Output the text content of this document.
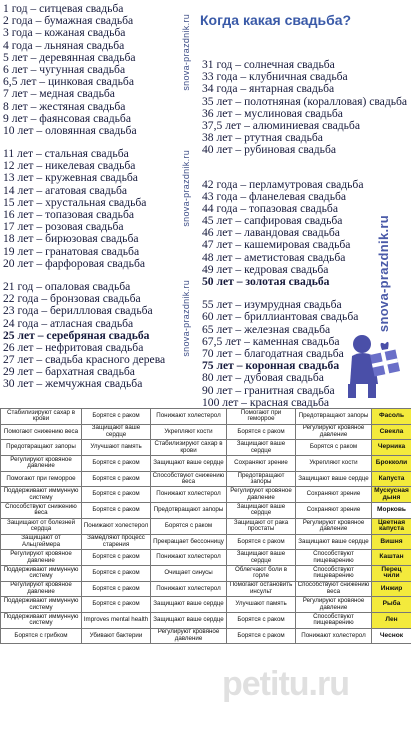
1 год – ситцевая свадьба
2 года – бумажная свадьба
3 года – кожаная свадьба
4 года – льняная свадьба
5 лет – деревянная свадьба
6 лет – чугунная свадьба
6,5 лет – цинковая свадьба
7 лет – медная свадьба
8 лет – жестяная свадьба
9 лет – фаянсовая свадьба
10 лет – оловянная свадьба
11 лет – стальная свадьба
12 лет – никелевая свадьба
13 лет – кружевная свадьба
14 лет – агатовая свадьба
15 лет – хрустальная свадьба
16 лет – топазовая свадьба
17 лет – розовая свадьба
18 лет – бирюзовая свадьба
19 лет – гранатовая свадьба
20 лет – фарфоровая свадьба
21 год – опаловая свадьба
22 года – бронзовая свадьба
23 года – бериллловая свадьба
24 года – атласная свадьба
25 лет – серебряная свадьба
26 лет – нефритовая свадьба
27 лет – свадьба красного дерева
29 лет – бархатная свадьба
30 лет – жемчужная свадьба
Когда какая свадьба?
31 год – солнечная свадьба
33 года – клубничная свадьба
34 года – янтарная свадьба
35 лет – полотняная (коралловая) свадьба
36 лет – муслиновая свадьба
37,5 лет – алюминиевая свадьба
38 лет – ртутная свадьба
40 лет – рубиновая свадьба
42 года – перламутровая свадьба
43 года – фланелевая свадьба
44 года – топазовая свадьба
45 лет – сапфировая свадьба
46 лет – лавандовая свадьба
47 лет – кашемировая свадьба
48 лет – аметистовая свадьба
49 лет – кедровая свадьба
50 лет – золотая свадьба
55 лет – изумрудная свадьба
60 лет – бриллиантовая свадьба
65 лет – железная свадьба
67,5 лет – каменная свадьба
70 лет – благодатная свадьба
75 лет – коронная свадьба
80 лет – дубовая свадьба
90 лет – гранитная свадьба
100 лет – красная свадьба
snova-prazdnik.ru
snova-prazdnik.ru
snova-prazdnik.ru	snova-prazdnik.ru
Стабилизируют сахар в крови	Борятся с раком	Понижают холестерол	Помогают при геморрое	Предотвращают запоры	Фасоль
Помогают снижению веса	Защищают ваше сердце	Укрепляют кости	Борятся с раком	Регулируют кровяное давление	Свекла
Предотвращают запоры	Улучшают память	Стабилизируют сахар в крови	Защищают ваше сердце	Борятся с раком	Черника
Регулируют кровяное давление	Борятся с раком	Защищают ваше сердце	Сохраняют зрение	Укрепляют кости	Брокколи
Помогают при геморрое	Борятся с раком	Способствуют снижению веса	Предотвращают запоры	Защищают ваше сердце	Капуста
Поддерживают иммунную систему	Борятся с раком	Понижают холестерол	Регулируют кровяное давление	Сохраняют зрение	Мускусная дыня
Способствуют снижению веса	Борятся с раком	Предотвращают запоры	Защищают ваше сердце	Сохраняют зрение	Морковь
Защищают от болезней сердца	Понижают холестерол	Борятся с раком	Защищают от рака простаты	Регулируют кровяное давление	Цветная капуста
Защищают от Альцгеймера	Замедляют процесс старения	Прекращает бессонницу	Борятся с раком	Защищают ваше сердце	Вишня
Регулируют кровяное давление	Борятся с раком	Понижают холестерол	Защищают ваше сердце	Способствуют пищеварению	Каштан
Поддерживают иммунную систему	Борятся с раком	Очищает синусы	Облегчают боли в горле	Способствуют пищеварению	Перец чили
Регулируют кровяное давление	Борятся с раком	Понижают холестерол	Помогают остановить инсульт	Способствуют снижению веса	Инжир
Поддерживают иммунную систему	Борятся с раком	Защищают ваше сердце	Улучшают память	Регулируют кровяное давление	Рыба
Поддерживают иммунную систему	Improves mental health	Защищают ваше сердце	Борятся с раком	Способствуют пищеварению	Лен
Борятся с грибком	Убивают бактерии	Регулируют кровяное давление	Борятся с раком	Понижают холестерол	Чеснок
petitu.ru
